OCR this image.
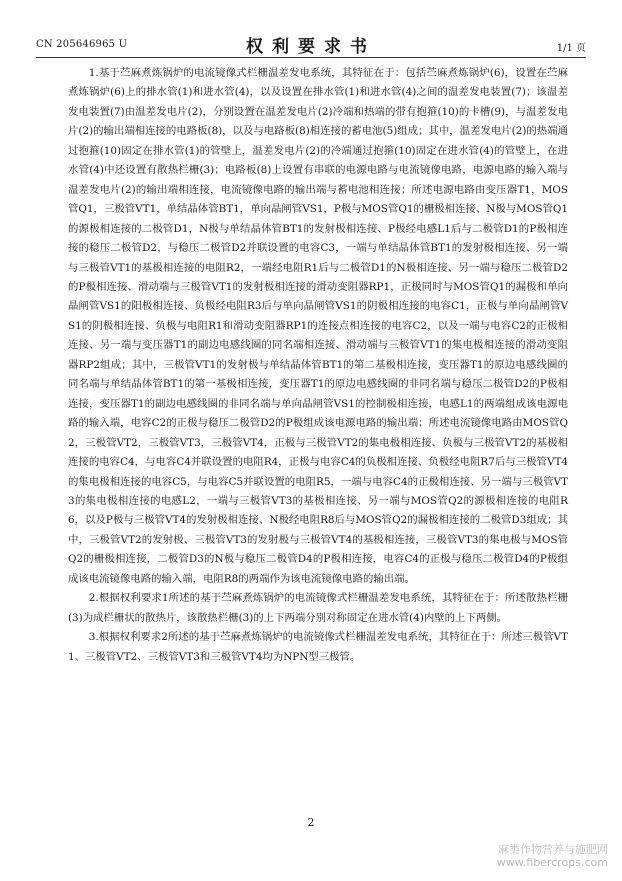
CN 205646965 U	权利要求书	1/1 页

1.基于苎麻煮炼锅炉的电流镜像式栏栅温差发电系统，其特征在于：包括苎麻煮炼锅炉(6)，设置在苎麻煮炼锅炉(6)上的排水管(1)和进水管(4)，以及设置在排水管(1)和进水管(4)之间的温差发电装置(7)；该温差发电装置(7)由温差发电片(2)，分别设置在温差发电片(2)冷端和热端的带有抱箍(10)的卡槽(9)，与温差发电片(2)的输出端相连接的电路板(8)，以及与电路板(8)相连接的蓄电池(5)组成；其中，温差发电片(2)的热端通过抱箍(10)固定在排水管(1)的管壁上，温差发电片(2)的冷端通过抱箍(10)固定在进水管(4)的管壁上，在进水管(4)中还设置有散热栏栅(3)；电路板(8)上设置有串联的电源电路与电流镜像电路，电源电路的输入端与温差发电片(2)的输出端相连接，电流镜像电路的输出端与蓄电池相连接；所述电源电路由变压器T1，MOS管Q1，三极管VT1，单结晶体管BT1，单向晶闸管VS1，P极与MOS管Q1的栅极相连接、N极与MOS管Q1的源极相连接的二极管D1，N极与单结晶体管BT1的发射极相连接、P极经电感L1后与二极管D1的P极相连接的稳压二极管D2，与稳压二极管D2并联设置的电容C3，一端与单结晶体管BT1的发射极相连接、另一端与三极管VT1的基极相连接的电阻R2，一端经电阻R1后与二极管D1的N极相连接、另一端与稳压二极管D2的P极相连接、滑动端与三极管VT1的发射极相连接的滑动变阻器RP1，正极同时与MOS管Q1的漏极和单向晶闸管VS1的阳极相连接、负极经电阻R3后与单向晶闸管VS1的阴极相连接的电容C1，正极与单向晶闸管VS1的阴极相连接、负极与电阻R1和滑动变阻器RP1的连接点相连接的电容C2，以及一端与电容C2的正极相连接、另一端与变压器T1的副边电感线圈的同名端相连接、滑动端与三极管VT1的集电极相连接的滑动变阻器RP2组成；其中，三极管VT1的发射极与单结晶体管BT1的第二基极相连接，变压器T1的原边电感线圈的同名端与单结晶体管BT1的第一基极相连接，变压器T1的原边电感线圈的非同名端与稳压二极管D2的P极相连接，变压器T1的副边电感线圈的非同名端与单向晶闸管VS1的控制极相连接，电感L1的两端组成该电源电路的输入端，电容C2的正极与稳压二极管D2的P极组成该电源电路的输出端；所述电流镜像电路由MOS管Q2，三极管VT2，三极管VT3，三极管VT4，正极与三极管VT2的集电极相连接、负极与三极管VT2的基极相连接的电容C4，与电容C4并联设置的电阻R4，正极与电容C4的负极相连接、负极经电阻R7后与三极管VT4的集电极相连接的电容C5，与电容C5并联设置的电阻R5，一端与电容C4的正极相连接、另一端与三极管VT3的集电极相连接的电感L2，一端与三极管VT3的基极相连接、另一端与MOS管Q2的源极相连接的电阻R6，以及P极与三极管VT4的发射极相连接、N极经电阻R8后与MOS管Q2的漏极相连接的二极管D3组成；其中，三极管VT2的发射极、三极管VT3的发射极与三极管VT4的基极相连接，三极管VT3的集电极与MOS管Q2的栅极相连接，二极管D3的N极与稳压二极管D4的P极相连接，电容C4的正极与稳压二极管D4的P极组成该电流镜像电路的输入端，电阻R8的两端作为该电流镜像电路的输出端。

2.根据权利要求1所述的基于苎麻煮炼锅炉的电流镜像式栏栅温差发电系统，其特征在于：所述散热栏栅(3)为成栏栅状的散热片，该散热栏栅(3)的上下两端分别对称固定在进水管(4)内壁的上下两侧。

3.根据权利要求2所述的基于苎麻煮炼锅炉的电流镜像式栏栅温差发电系统，其特征在于：所述三极管VT1、三极管VT2、三极管VT3和三极管VT4均为NPN型三极管。

2
麻类作物营养与施肥网
www.fibercrops.com
